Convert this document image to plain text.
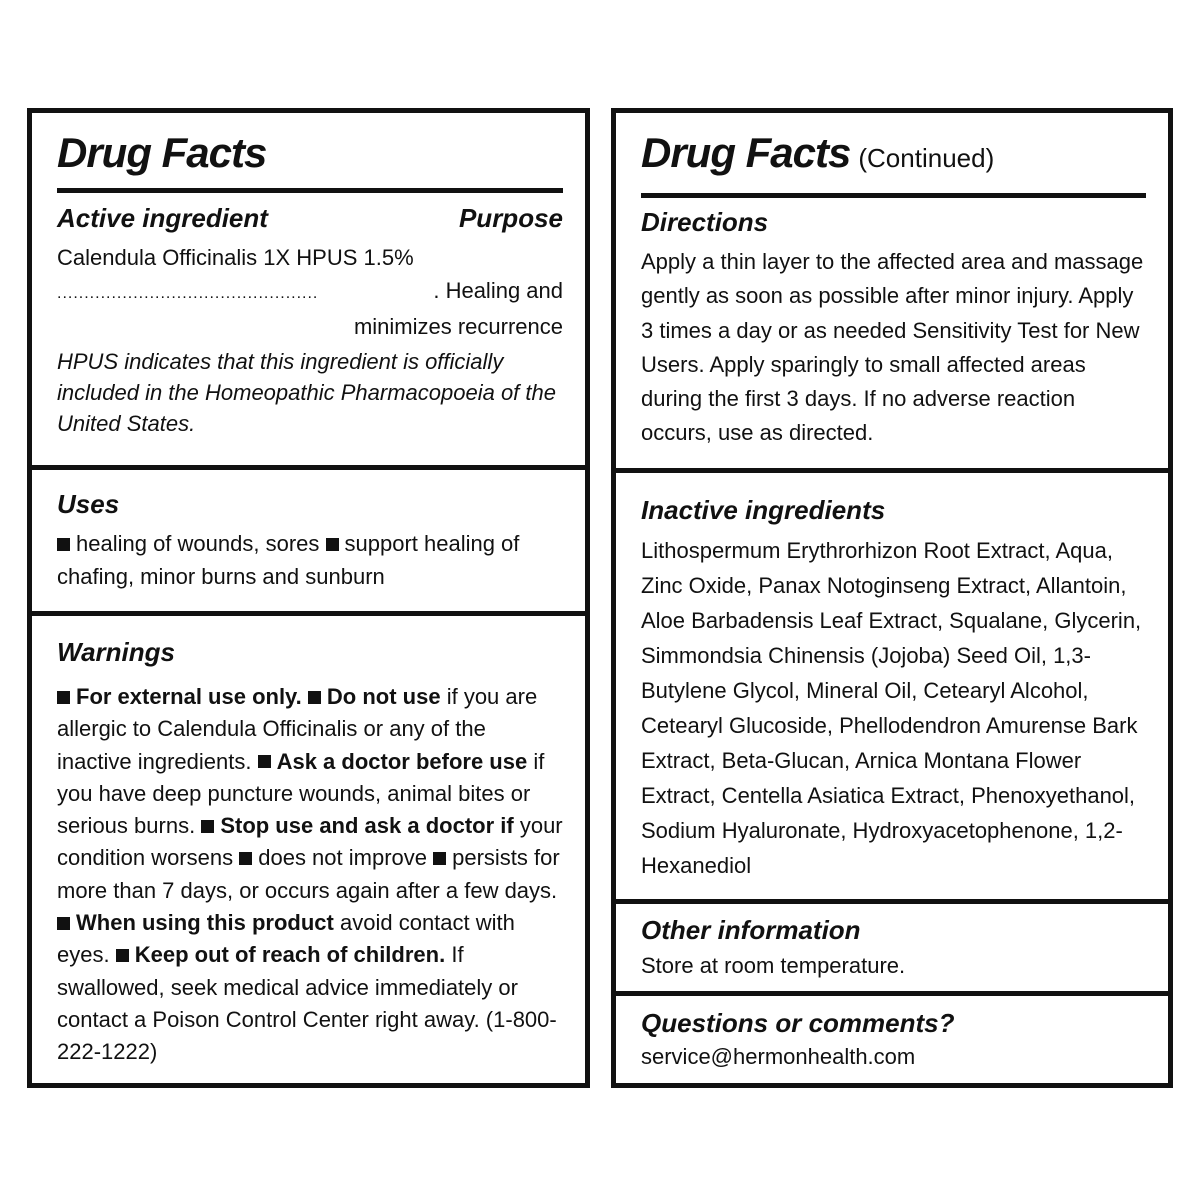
Drug Facts
Active ingredient	Purpose

Calendula Officinalis 1X HPUS 1.5%

................................................	. Healing and
minimizes recurrence

HPUS indicates that this ingredient is officially included in the Homeopathic Pharmacopoeia of the United States.

Uses

healing of wounds, sores support healing of chafing, minor burns and sunburn

Warnings

For external use only. Do not use if you are allergic to Calendula Officinalis or any of the inactive ingredients. Ask a doctor before use if you have deep puncture wounds, animal bites or serious burns. Stop use and ask a doctor if your condition worsens does not improve persists for more than 7 days, or occurs again after a few days. When using this product avoid contact with eyes. Keep out of reach of children. If swallowed, seek medical advice immediately or contact a Poison Control Center right away. (1-800-222-1222)

Drug Facts (Continued)
Directions

Apply a thin layer to the affected area and massage gently as soon as possible after minor injury. Apply 3 times a day or as needed Sensitivity Test for New Users. Apply sparingly to small affected areas during the first 3 days. If no adverse reaction occurs, use as directed.

Inactive ingredients

Lithospermum Erythrorhizon Root Extract, Aqua, Zinc Oxide, Panax Notoginseng Extract, Allantoin, Aloe Barbadensis Leaf Extract, Squalane, Glycerin, Simmondsia Chinensis (Jojoba) Seed Oil, 1,3-Butylene Glycol, Mineral Oil, Cetearyl Alcohol, Cetearyl Glucoside, Phellodendron Amurense Bark Extract, Beta-Glucan, Arnica Montana Flower Extract, Centella Asiatica Extract, Phenoxyethanol, Sodium Hyaluronate, Hydroxyacetophenone, 1,2-Hexanediol

Other information

Store at room temperature.

Questions or comments?

service@hermonhealth.com
